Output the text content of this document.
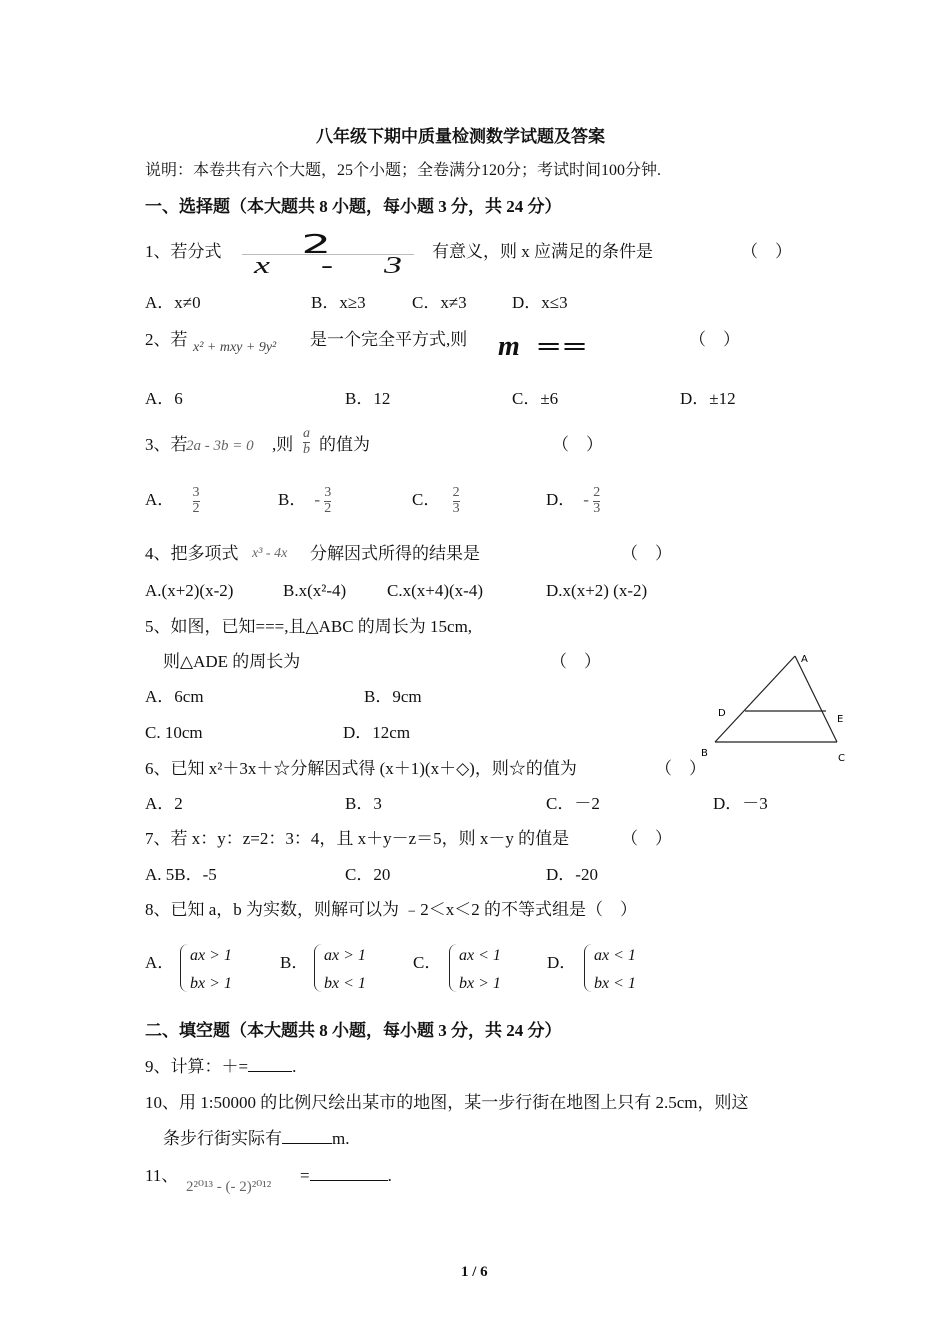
八年级下期中质量检测数学试题及答案
说明：本卷共有六个大题，25个小题；全卷满分120分；考试时间100分钟.
一、选择题（本大题共 8 小题，每小题 3 分，共 24 分）
1、若分式	2
x - 3
有意义，则 x 应满足的条件是	（　）
A．x≠0	B．x≥3	C．x≠3	D．x≤3
2、若 x² + mxy + 9y² 是一个完全平方式,则 m ══	（　）
A．6	B．12	C．±6	D．±12
3、若
2a - 3b = 0 ,则 $\frac{a}{b}$ 的值为	（　）
A． $\frac{3}{2}$	B． - $\frac{3}{2}$	C． $\frac{2}{3}$	D． - $\frac{2}{3}$
4、把多项式 x³ - 4x 分解因式所得的结果是	（　）
A.(x+2)(x-2)	B.x(x²-4) C.x(x+4)(x-4)	D.x(x+2) (x-2)
5、如图，已知===,且△ABC 的周长为 15cm,
则△ADE 的周长为	（　）
A．6cm	B．9cm
C. 10cm	D．12cm
A
D
E
B	C
6、已知 x²＋3x＋☆分解因式得 (x＋1)(x＋◇)，则☆的值为	（　）
A．2	B．3	C．－2	D．－3
7、若 x：y：z=2：3：4，且 x＋y－z＝5，则 x－y 的值是	（　）
A. 5B．-5	C．20	D．-20
8、已知 a，b 为实数，则解可以为 ﹣2＜x＜2 的不等式组是（　）
A． ax > 1
bx > 1
B． ax > 1
bx < 1
C． ax < 1
bx > 1
D． ax < 1
bx < 1
二、填空题（本大题共 8 小题，每小题 3 分，共 24 分）
9、计算：＋=	.
10、用 1:50000 的比例尺绘出某市的地图，某一步行街在地图上只有 2.5cm，则这
条步行街实际有	m.
11、
2²⁰¹³ - (- 2)²⁰¹²
=	.
1 / 6
